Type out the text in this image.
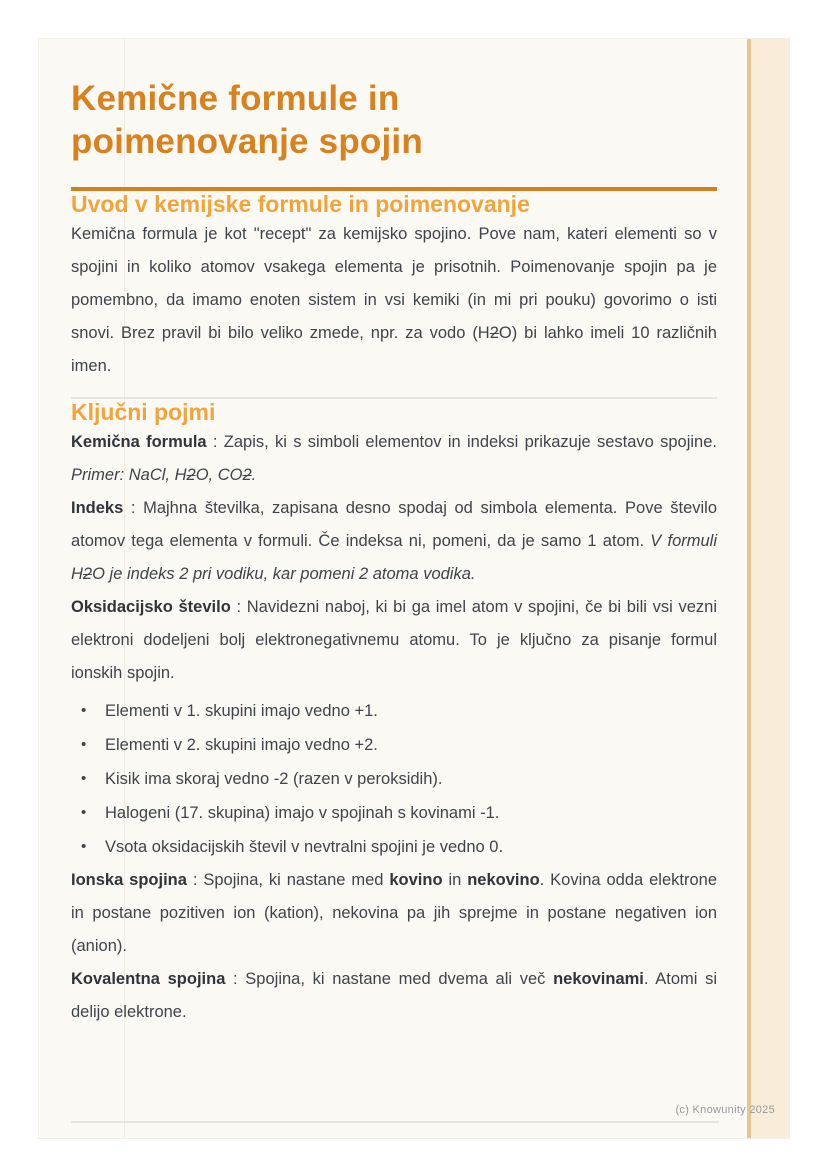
Kemične formule in
poimenovanje spojin
Uvod v kemijske formule in poimenovanje

Kemična formula je kot "recept" za kemijsko spojino. Pove nam, kateri elementi so v spojini in koliko atomov vsakega elementa je prisotnih. Poimenovanje spojin pa je pomembno, da imamo enoten sistem in vsi kemiki (in mi pri pouku) govorimo o isti snovi. Brez pravil bi bilo veliko zmede, npr. za vodo (H2O) bi lahko imeli 10 različnih imen.

Ključni pojmi

Kemična formula : Zapis, ki s simboli elementov in indeksi prikazuje sestavo spojine. Primer: NaCl, H2O, CO2.

Indeks : Majhna številka, zapisana desno spodaj od simbola elementa. Pove število atomov tega elementa v formuli. Če indeksa ni, pomeni, da je samo 1 atom. V formuli H2O je indeks 2 pri vodiku, kar pomeni 2 atoma vodika.

Oksidacijsko število : Navidezni naboj, ki bi ga imel atom v spojini, če bi bili vsi vezni elektroni dodeljeni bolj elektronegativnemu atomu. To je ključno za pisanje formul ionskih spojin.

•	Elementi v 1. skupini imajo vedno +1.
•	Elementi v 2. skupini imajo vedno +2.
•	Kisik ima skoraj vedno -2 (razen v peroksidih).
•	Halogeni (17. skupina) imajo v spojinah s kovinami -1.
•	Vsota oksidacijskih števil v nevtralni spojini je vedno 0.

Ionska spojina : Spojina, ki nastane med kovino in nekovino. Kovina odda elektrone in postane pozitiven ion (kation), nekovina pa jih sprejme in postane negativen ion (anion).

Kovalentna spojina : Spojina, ki nastane med dvema ali več nekovinami. Atomi si delijo elektrone.

(c) Knowunity 2025
